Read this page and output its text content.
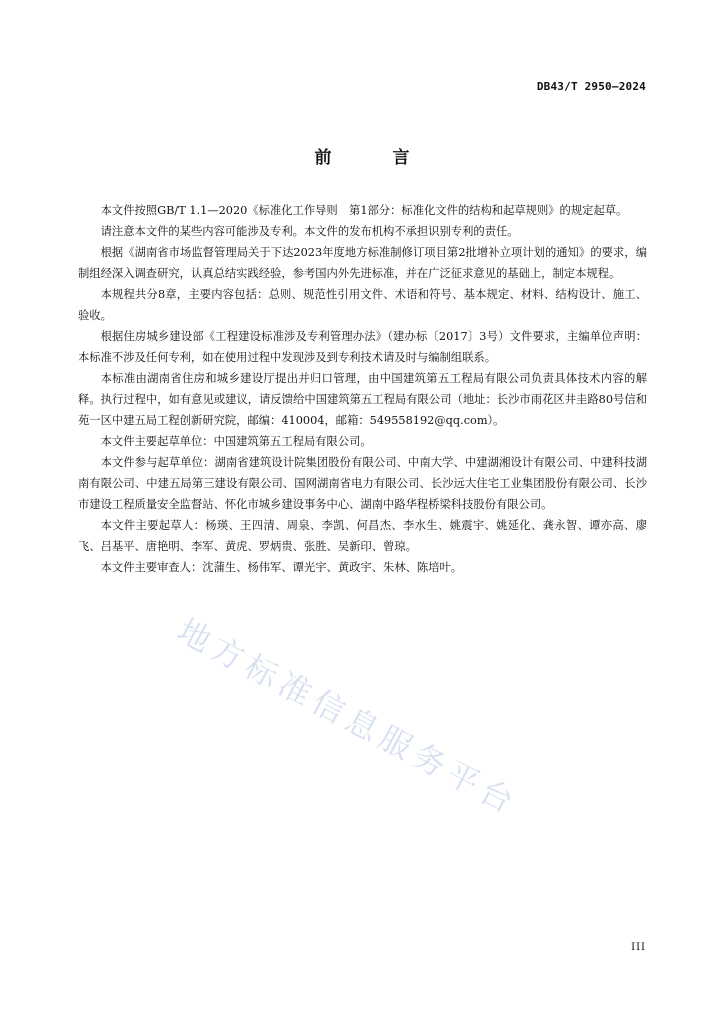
DB43/T 2950—2024
前　言

本文件按照GB/T 1.1—2020《标准化工作导则　第1部分：标准化文件的结构和起草规则》的规定起草。

请注意本文件的某些内容可能涉及专利。本文件的发布机构不承担识别专利的责任。

根据《湖南省市场监督管理局关于下达2023年度地方标准制修订项目第2批增补立项计划的通知》的要求，编制组经深入调查研究，认真总结实践经验，参考国内外先进标准，并在广泛征求意见的基础上，制定本规程。

本规程共分8章，主要内容包括：总则、规范性引用文件、术语和符号、基本规定、材料、结构设计、施工、验收。

根据住房城乡建设部《工程建设标准涉及专利管理办法》（建办标〔2017〕3号）文件要求，主编单位声明：本标准不涉及任何专利，如在使用过程中发现涉及到专利技术请及时与编制组联系。

本标准由湖南省住房和城乡建设厅提出并归口管理，由中国建筑第五工程局有限公司负责具体技术内容的解释。执行过程中，如有意见或建议，请反馈给中国建筑第五工程局有限公司（地址：长沙市雨花区井圭路80号信和苑一区中建五局工程创新研究院，邮编：410004，邮箱：549558192@qq.com）。

本文件主要起草单位：中国建筑第五工程局有限公司。

本文件参与起草单位：湖南省建筑设计院集团股份有限公司、中南大学、中建湖湘设计有限公司、中建科技湖南有限公司、中建五局第三建设有限公司、国网湖南省电力有限公司、长沙远大住宅工业集团股份有限公司、长沙市建设工程质量安全监督站、怀化市城乡建设事务中心、湖南中路华程桥梁科技股份有限公司。

本文件主要起草人：杨瑛、王四清、周泉、李凯、何昌杰、李水生、姚震宇、姚延化、龚永智、谭亦高、廖飞、吕基平、唐艳明、李军、黄虎、罗炳贵、张胜、吴新印、曾琼。

本文件主要审查人：沈蒲生、杨伟军、谭光宇、黄政宇、朱林、陈培叶。

地方标准信息服务平台
III
